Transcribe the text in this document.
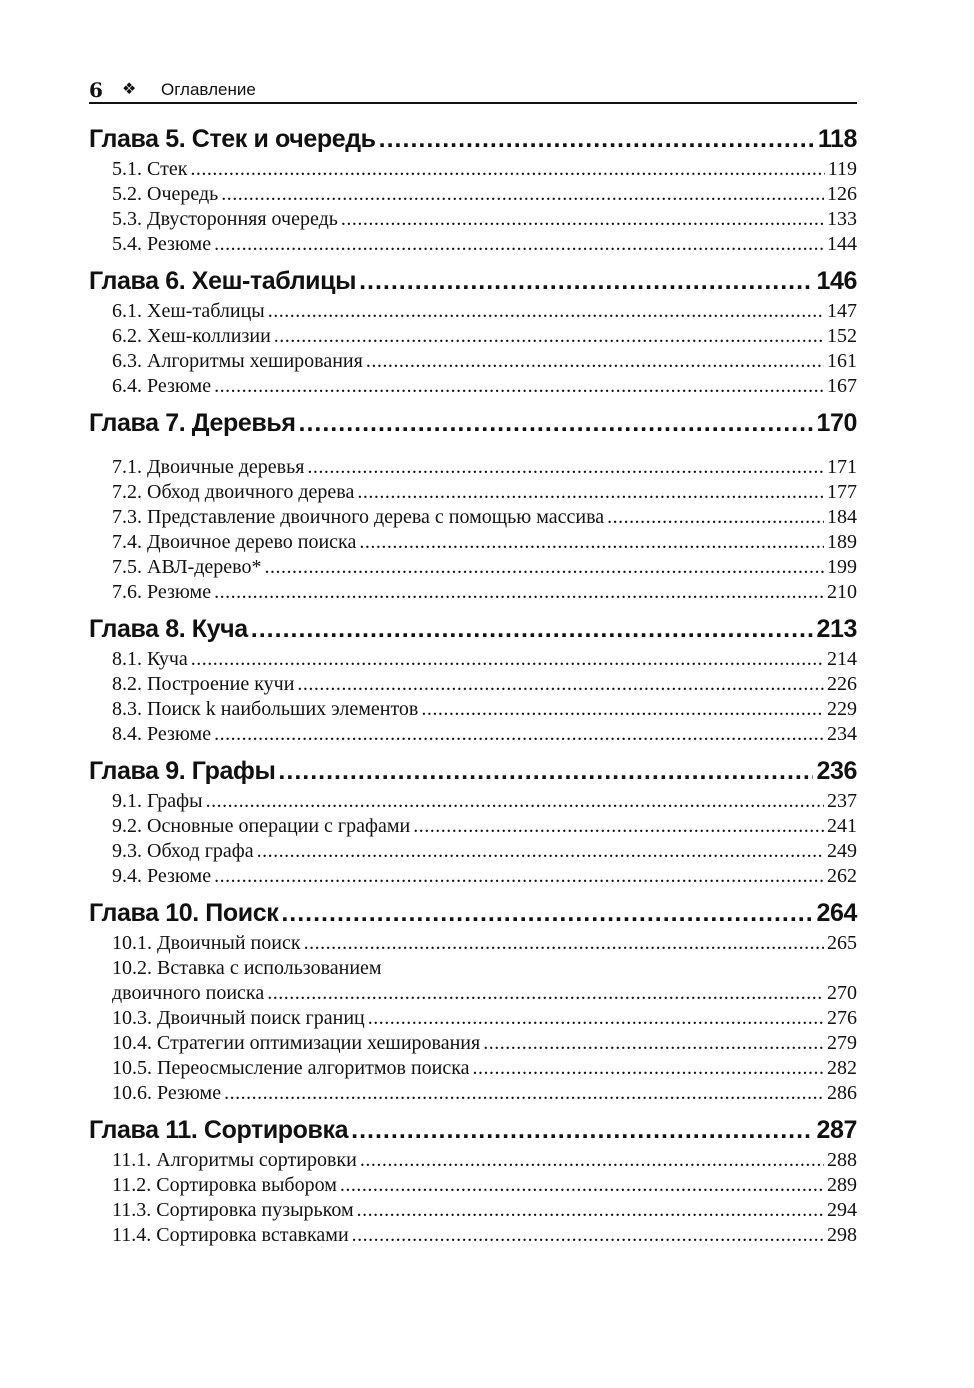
6 ❖ Оглавление
Глава 5. Стек и очередь .....	118
5.1. Стек .....	119
5.2. Очередь .....	126
5.3. Двусторонняя очередь .....	133
5.4. Резюме .....	144
Глава 6. Хеш-таблицы .....	146
6.1. Хеш-таблицы .....	147
6.2. Хеш-коллизии .....	152
6.3. Алгоритмы хеширования .....	161
6.4. Резюме .....	167
Глава 7. Деревья .....	170
7.1. Двоичные деревья .....	171
7.2. Обход двоичного дерева .....	177
7.3. Представление двоичного дерева с помощью массива .....	184
7.4. Двоичное дерево поиска .....	189
7.5. АВЛ-дерево* .....	199
7.6. Резюме .....	210
Глава 8. Куча .....	213
8.1. Куча .....	214
8.2. Построение кучи .....	226
8.3. Поиск k наибольших элементов .....	229
8.4. Резюме .....	234
Глава 9. Графы .....	236
9.1. Графы .....	237
9.2. Основные операции с графами .....	241
9.3. Обход графа .....	249
9.4. Резюме .....	262
Глава 10. Поиск .....	264
10.1. Двоичный поиск .....	265
10.2. Вставка с использованием
двоичного поиска .....	270
10.3. Двоичный поиск границ .....	276
10.4. Стратегии оптимизации хеширования .....	279
10.5. Переосмысление алгоритмов поиска .....	282
10.6. Резюме .....	286
Глава 11. Сортировка .....	287
11.1. Алгоритмы сортировки .....	288
11.2. Сортировка выбором .....	289
11.3. Сортировка пузырьком .....	294
11.4. Сортировка вставками .....	298
